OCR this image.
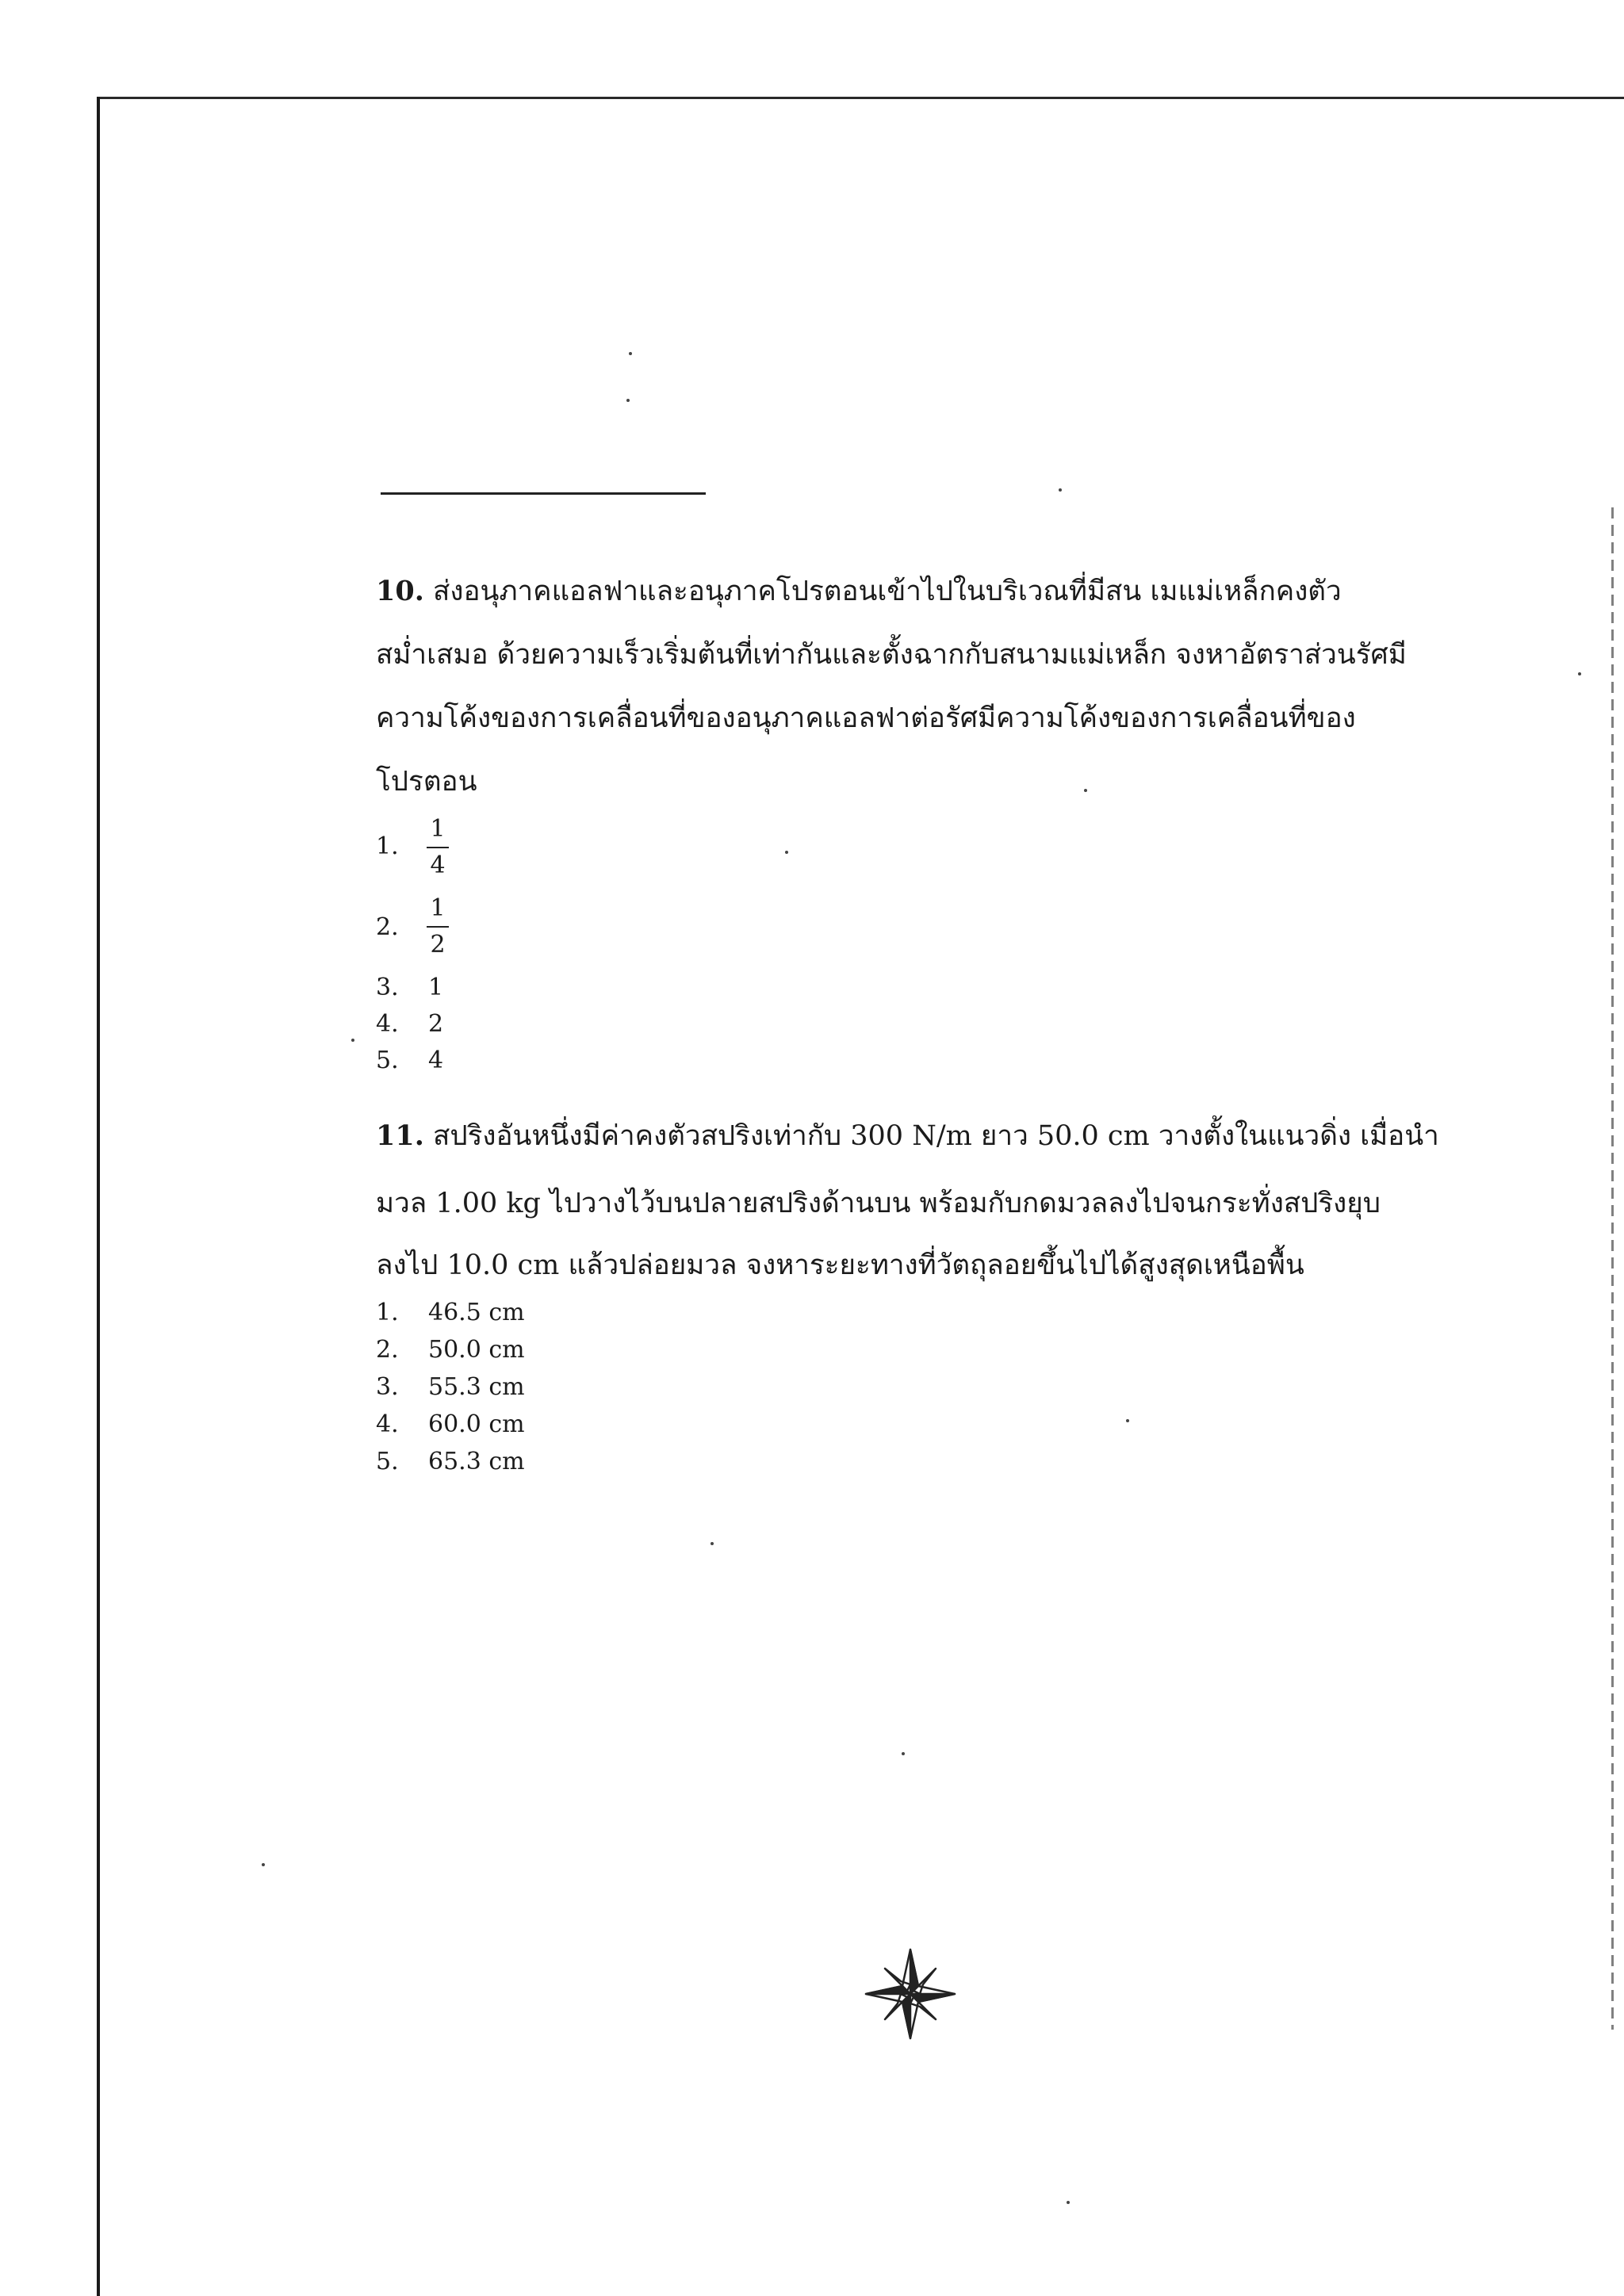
10. ส่งอนุภาคแอลฟาและอนุภาคโปรตอนเข้าไปในบริเวณที่มีสน เมแม่เหล็กคงตัว
สม่ำเสมอ ด้วยความเร็วเริ่มต้นที่เท่ากันและตั้งฉากกับสนามแม่เหล็ก จงหาอัตราส่วนรัศมี
ความโค้งของการเคลื่อนที่ของอนุภาคแอลฟาต่อรัศมีความโค้งของการเคลื่อนที่ของ
โปรตอน
1.
1
4
2.
1
2
3. 1
4. 2
5. 4
11. สปริงอันหนึ่งมีค่าคงตัวสปริงเท่ากับ 300 N/m ยาว 50.0 cm วางตั้งในแนวดิ่ง เมื่อนำ
มวล 1.00 kg ไปวางไว้บนปลายสปริงด้านบน พร้อมกับกดมวลลงไปจนกระทั่งสปริงยุบ
ลงไป 10.0 cm แล้วปล่อยมวล จงหาระยะทางที่วัตถุลอยขึ้นไปได้สูงสุดเหนือพื้น
1. 46.5 cm
2. 50.0 cm
3. 55.3 cm
4. 60.0 cm
5. 65.3 cm
